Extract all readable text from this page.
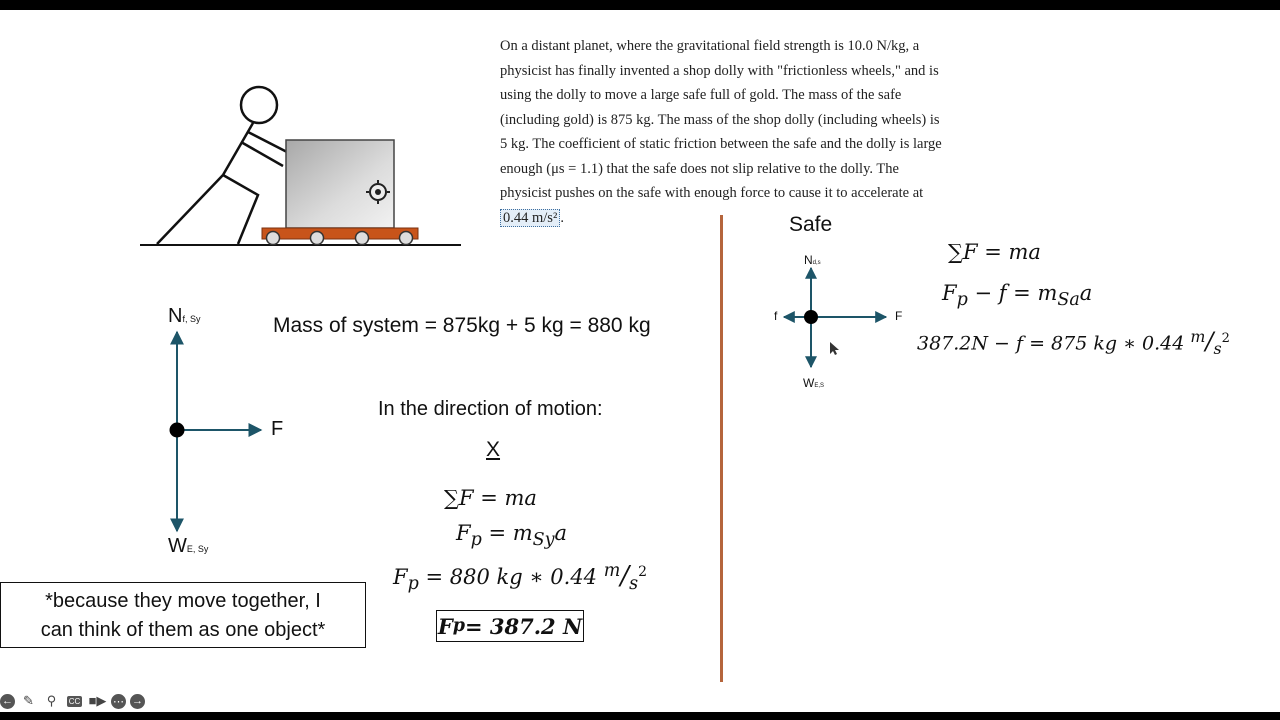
On a distant planet, where the gravitational field strength is 10.0 N/kg, a
physicist has finally invented a shop dolly with "frictionless wheels," and is
using the dolly to move a large safe full of gold. The mass of the safe
(including gold) is 875 kg. The mass of the shop dolly (including wheels) is
5 kg. The coefficient of static friction between the safe and the dolly is large
enough (μs = 1.1) that the safe does not slip relative to the dolly. The
physicist pushes on the safe with enough force to cause it to accelerate at
0.44 m/s² .
Nf, Sy
WE, Sy
F
Mass of system = 875kg + 5 kg = 880 kg
In the direction of motion:
X
∑F = ma
$F_p = m_{Sy}a$
$F_p = 880$ kg ∗ 0.44 $^m/_s^2$
F p = 387.2 N
*because they move together, I
can think of them as one object*
Safe
Nd,s
WE,S
f	F
∑F = ma
$F_p - f = m_{Sa}a$
387.2N − f = 875 kg ∗ 0.44 $^m/_s^2$
← ✎ ⚲	CC ■▶ ⋯ →
